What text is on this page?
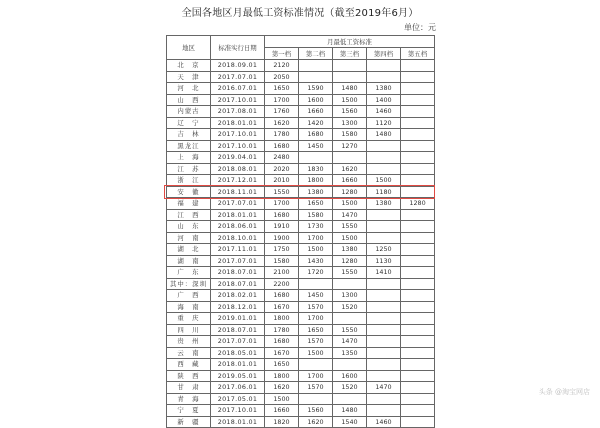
全国各地区月最低工资标准情况（截至2019年6月）
单位：元
地区	标准实行日期	月最低工资标准				
		第一档	第二档	第三档	第四档	第五档
北　京	2018.09.01	2120				
天　津	2017.07.01	2050				
河　北	2016.07.01	1650	1590	1480	1380	
山　西	2017.10.01	1700	1600	1500	1400	
内蒙古	2017.08.01	1760	1660	1560	1460	
辽　宁	2018.01.01	1620	1420	1300	1120	
吉　林	2017.10.01	1780	1680	1580	1480	
黑龙江	2017.10.01	1680	1450	1270		
上　海	2019.04.01	2480				
江　苏	2018.08.01	2020	1830	1620		
浙　江	2017.12.01	2010	1800	1660	1500	
安　徽	2018.11.01	1550	1380	1280	1180	
福　建	2017.07.01	1700	1650	1500	1380	1280
江　西	2018.01.01	1680	1580	1470		
山　东	2018.06.01	1910	1730	1550		
河　南	2018.10.01	1900	1700	1500		
湖　北	2017.11.01	1750	1500	1380	1250	
湖　南	2017.07.01	1580	1430	1280	1130	
广　东	2018.07.01	2100	1720	1550	1410	
其中：深圳	2018.07.01	2200				
广　西	2018.02.01	1680	1450	1300		
海　南	2018.12.01	1670	1570	1520		
重　庆	2019.01.01	1800	1700			
四　川	2018.07.01	1780	1650	1550		
贵　州	2017.07.01	1680	1570	1470		
云　南	2018.05.01	1670	1500	1350		
西　藏	2018.01.01	1650				
陕　西	2019.05.01	1800	1700	1600		
甘　肃	2017.06.01	1620	1570	1520	1470	
青　海	2017.05.01	1500				
宁　夏	2017.10.01	1660	1560	1480		
新　疆	2018.01.01	1820	1620	1540	1460	
头条 @淘宝网店
